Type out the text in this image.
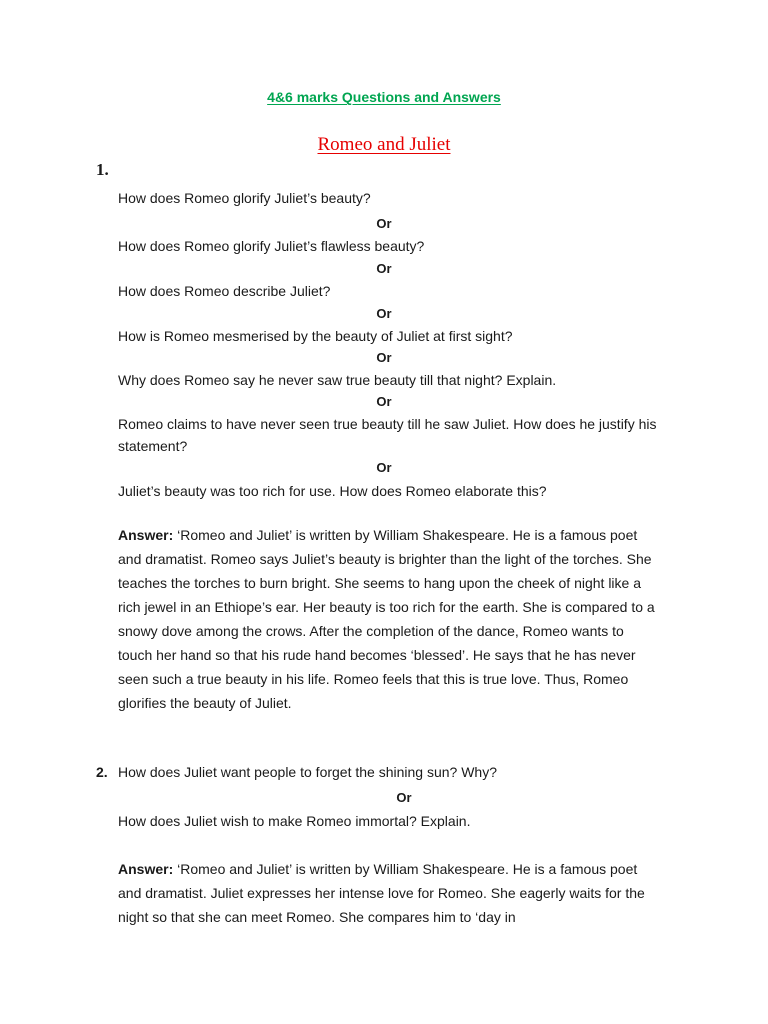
4&6 marks Questions and Answers
Romeo and Juliet
1.
How does Romeo glorify Juliet’s beauty?
Or
How does Romeo glorify Juliet’s flawless beauty?
Or
How does Romeo describe Juliet?
Or
How is Romeo mesmerised by the beauty of Juliet at first sight?
Or
Why does Romeo say he never saw true beauty till that night? Explain.
Or
Romeo claims to have never seen true beauty till he saw Juliet. How does he justify his statement?
Or
Juliet’s beauty was too rich for use. How does Romeo elaborate this?
Answer: ‘Romeo and Juliet’ is written by William Shakespeare. He is a famous poet and dramatist. Romeo says Juliet’s beauty is brighter than the light of the torches. She teaches the torches to burn bright. She seems to hang upon the cheek of night like a rich jewel in an Ethiope’s ear. Her beauty is too rich for the earth. She is compared to a snowy dove among the crows. After the completion of the dance, Romeo wants to touch her hand so that his rude hand becomes ‘blessed’. He says that he has never seen such a true beauty in his life. Romeo feels that this is true love. Thus, Romeo glorifies the beauty of Juliet.
2. How does Juliet want people to forget the shining sun? Why?
Or
How does Juliet wish to make Romeo immortal? Explain.
Answer: ‘Romeo and Juliet’ is written by William Shakespeare. He is a famous poet and dramatist. Juliet expresses her intense love for Romeo. She eagerly waits for the night so that she can meet Romeo. She compares him to ‘day in
